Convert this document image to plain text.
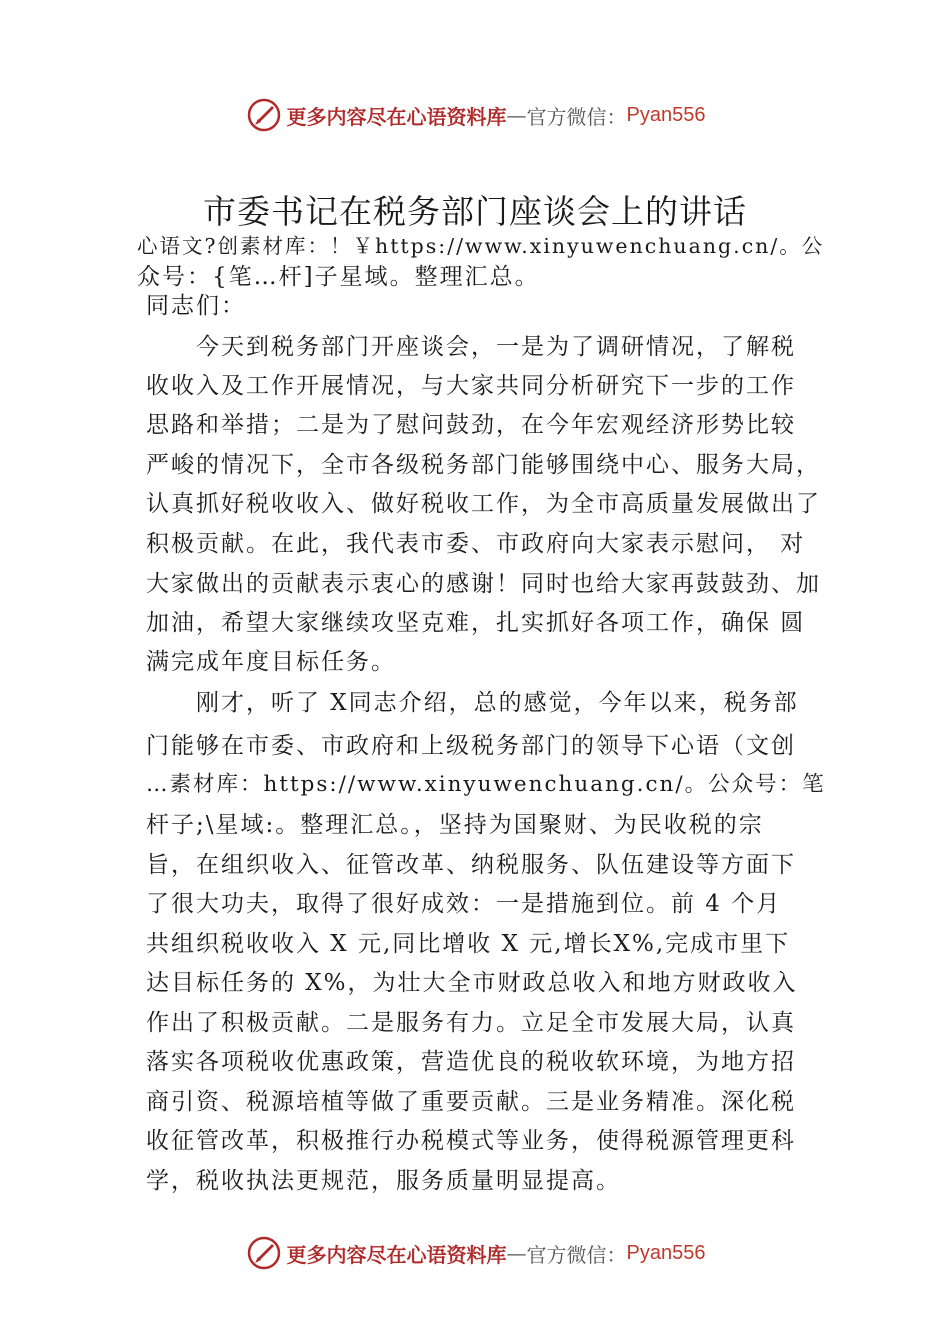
更多内容尽在心语资料库 — 官方微信： Pyan556
市委书记在税务部门座谈会上的讲话
心语文?创素材库：！￥https://www.xinyuwenchuang.cn/。公
众号：{笔…杆]子星域。整理汇总。
同志们：
今天到税务部门开座谈会，一是为了调研情况，了解税
收收入及工作开展情况，与大家共同分析研究下一步的工作
思路和举措；二是为了慰问鼓劲，在今年宏观经济形势比较
严峻的情况下，全市各级税务部门能够围绕中心、服务大局，
认真抓好税收收入、做好税收工作，为全市高质量发展做出了
积极贡献。在此，我代表市委、市政府向大家表示慰问， 对
大家做出的贡献表示衷心的感谢！同时也给大家再鼓鼓劲、加
加油，希望大家继续攻坚克难，扎实抓好各项工作，确保 圆
满完成年度目标任务。
刚才，听了 X同志介绍，总的感觉，今年以来，税务部
门能够在市委、市政府和上级税务部门的领导下心语（文创
…素材库：https://www.xinyuwenchuang.cn/。公众号：笔
杆子;\星域:。整理汇总。，坚持为国聚财、为民收税的宗
旨，在组织收入、征管改革、纳税服务、队伍建设等方面下
了很大功夫，取得了很好成效：一是措施到位。前 4 个月
共组织税收收入 X 元,同比增收 X 元,增长X%,完成市里下
达目标任务的 X%，为壮大全市财政总收入和地方财政收入
作出了积极贡献。二是服务有力。立足全市发展大局，认真
落实各项税收优惠政策，营造优良的税收软环境，为地方招
商引资、税源培植等做了重要贡献。三是业务精准。深化税
收征管改革，积极推行办税模式等业务，使得税源管理更科
学，税收执法更规范，服务质量明显提高。
更多内容尽在心语资料库 — 官方微信： Pyan556
